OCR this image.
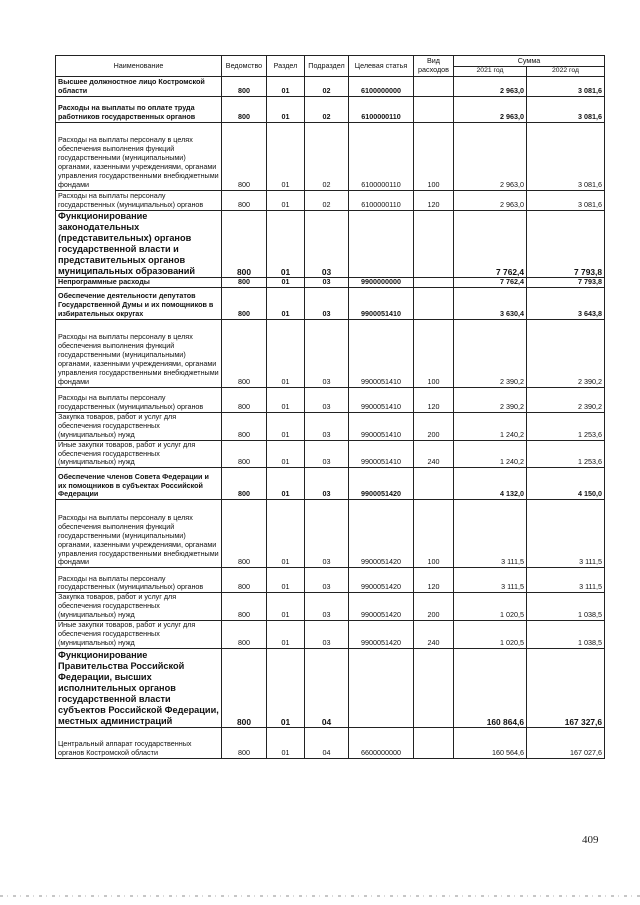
Наименование	Ведомство	Раздел	Подраздел	Целевая статья	Вид расходов	Сумма	
						2021 год	2022 год
Высшее должностное лицо Костромской области	800	01	02	6100000000		2 963,0	3 081,6
Расходы на выплаты по оплате труда работников государственных органов	800	01	02	6100000110		2 963,0	3 081,6
Расходы на выплаты персоналу в целях обеспечения выполнения функций государственными (муниципальными) органами, казенными учреждениями, органами управления государственными внебюджетными фондами	800	01	02	6100000110	100	2 963,0	3 081,6
Расходы на выплаты персоналу государственных (муниципальных) органов	800	01	02	6100000110	120	2 963,0	3 081,6
Функционирование законодательных (представительных) органов государственной власти и представительных органов муниципальных образований	800	01	03			7 762,4	7 793,8
Непрограммные расходы	800	01	03	9900000000		7 762,4	7 793,8
Обеспечение деятельности депутатов Государственной Думы и их помощников в избирательных округах	800	01	03	9900051410		3 630,4	3 643,8
Расходы на выплаты персоналу в целях обеспечения выполнения функций государственными (муниципальными) органами, казенными учреждениями, органами управления государственными внебюджетными фондами	800	01	03	9900051410	100	2 390,2	2 390,2
Расходы на выплаты персоналу государственных (муниципальных) органов	800	01	03	9900051410	120	2 390,2	2 390,2
Закупка товаров, работ и услуг для обеспечения государственных (муниципальных) нужд	800	01	03	9900051410	200	1 240,2	1 253,6
Иные закупки товаров, работ и услуг для обеспечения государственных (муниципальных) нужд	800	01	03	9900051410	240	1 240,2	1 253,6
Обеспечение членов Совета Федерации и их помощников в субъектах Российской Федерации	800	01	03	9900051420		4 132,0	4 150,0
Расходы на выплаты персоналу в целях обеспечения выполнения функций государственными (муниципальными) органами, казенными учреждениями, органами управления государственными внебюджетными фондами	800	01	03	9900051420	100	3 111,5	3 111,5
Расходы на выплаты персоналу государственных (муниципальных) органов	800	01	03	9900051420	120	3 111,5	3 111,5
Закупка товаров, работ и услуг для обеспечения государственных (муниципальных) нужд	800	01	03	9900051420	200	1 020,5	1 038,5
Иные закупки товаров, работ и услуг для обеспечения государственных (муниципальных) нужд	800	01	03	9900051420	240	1 020,5	1 038,5
Функционирование Правительства Российской Федерации, высших исполнительных органов государственной власти субъектов Российской Федерации, местных администраций	800	01	04			160 864,6	167 327,6
Центральный аппарат государственных органов Костромской области	800	01	04	6600000000		160 564,6	167 027,6
409
